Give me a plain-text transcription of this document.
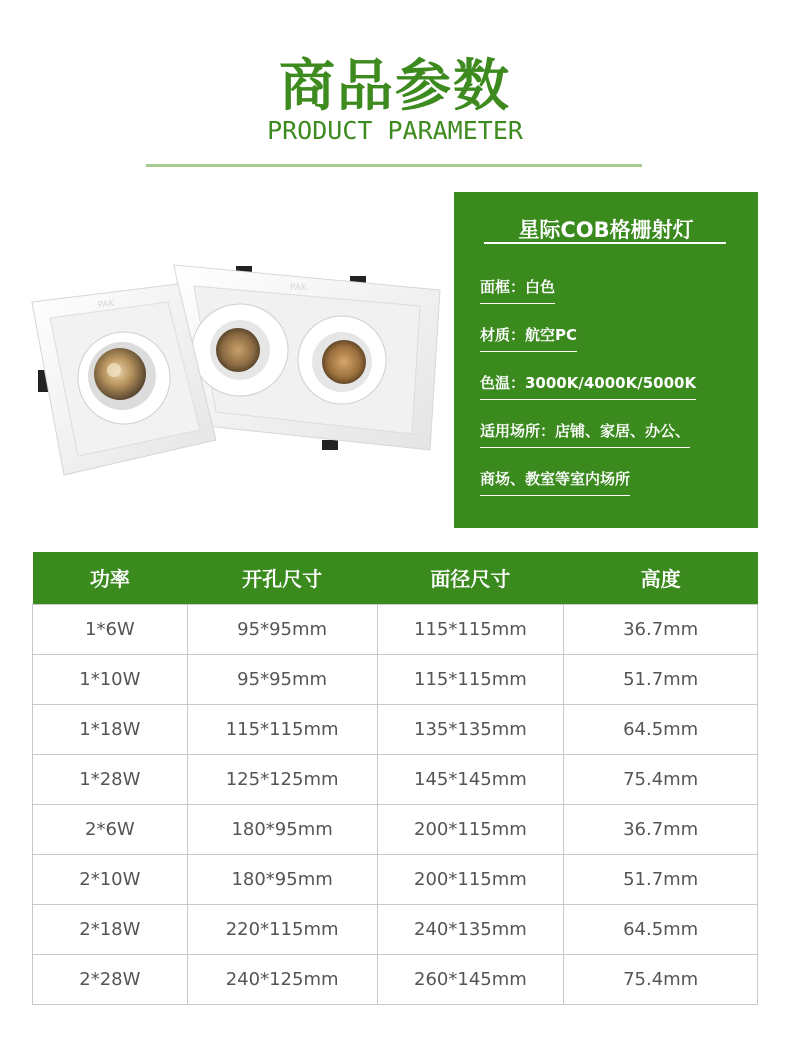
商品参数
PRODUCT PARAMETER
PAK
PAK
星际COB格栅射灯
面框：白色
材质：航空PC
色温：3000K/4000K/5000K
适用场所：店铺、家居、办公、
商场、教室等室内场所
功率	开孔尺寸	面径尺寸	高度
1*6W	95*95mm	115*115mm	36.7mm
1*10W	95*95mm	115*115mm	51.7mm
1*18W	115*115mm	135*135mm	64.5mm
1*28W	125*125mm	145*145mm	75.4mm
2*6W	180*95mm	200*115mm	36.7mm
2*10W	180*95mm	200*115mm	51.7mm
2*18W	220*115mm	240*135mm	64.5mm
2*28W	240*125mm	260*145mm	75.4mm
